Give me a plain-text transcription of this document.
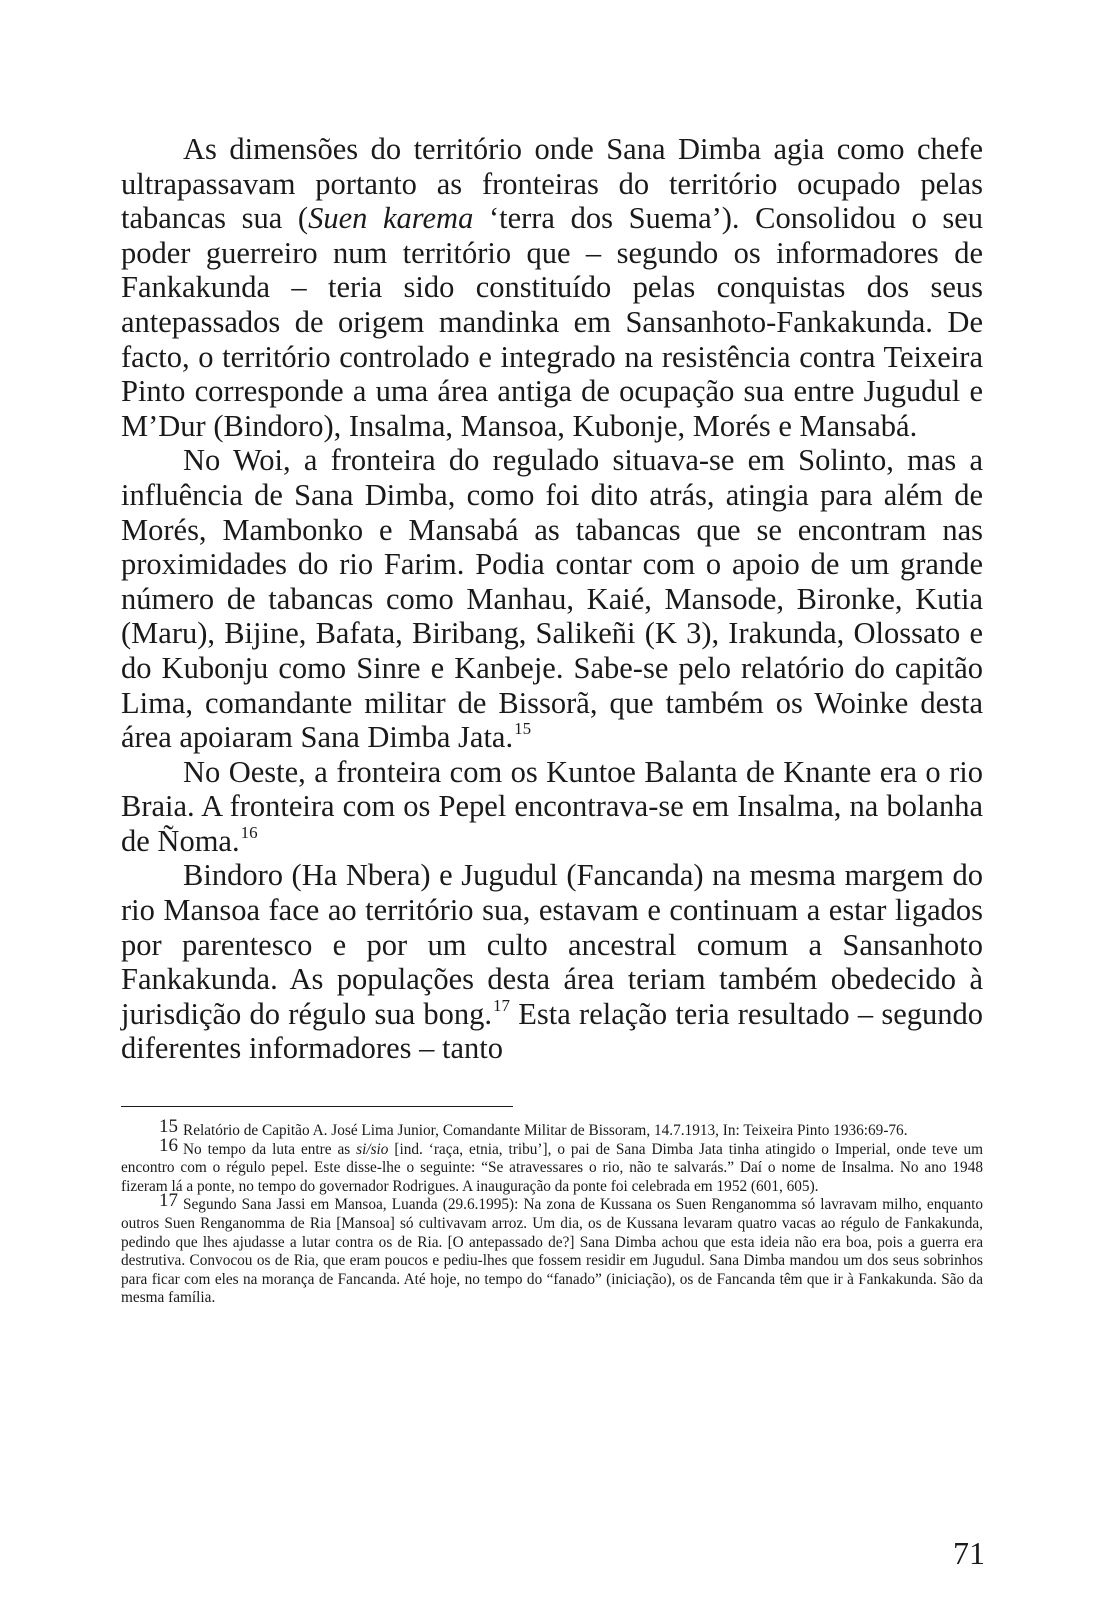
As dimensões do território onde Sana Dimba agia como chefe ultrapassavam portanto as fronteiras do território ocupado pelas tabancas sua (Suen karema ‘terra dos Suema’). Consolidou o seu poder guerreiro num território que – segundo os informadores de Fankakunda – teria sido constituído pelas conquistas dos seus antepassados de origem mandinka em Sansanhoto-Fankakunda. De facto, o território controlado e integrado na resistência contra Teixeira Pinto corresponde a uma área antiga de ocupação sua entre Jugudul e M’Dur (Bindoro), Insalma, Mansoa, Kubonje, Morés e Mansabá.

No Woi, a fronteira do regulado situava-se em Solinto, mas a influência de Sana Dimba, como foi dito atrás, atingia para além de Morés, Mambonko e Mansabá as tabancas que se encontram nas proximidades do rio Farim. Podia contar com o apoio de um grande número de tabancas como Manhau, Kaié, Mansode, Bironke, Kutia (Maru), Bijine, Bafata, Biribang, Salikeñi (K 3), Irakunda, Olossato e do Kubonju como Sinre e Kanbeje. Sabe-se pelo relatório do capitão Lima, comandante militar de Bissorã, que também os Woinke desta área apoiaram Sana Dimba Jata.$^{15}$

No Oeste, a fronteira com os Kuntoe Balanta de Knante era o rio Braia. A fronteira com os Pepel encontrava-se em Insalma, na bolanha de Ñoma.$^{16}$

Bindoro (Ha Nbera) e Jugudul (Fancanda) na mesma margem do rio Mansoa face ao território sua, estavam e continuam a estar ligados por parentesco e por um culto ancestral comum a Sansanhoto Fankakunda. As populações desta área teriam também obedecido à jurisdição do régulo sua bong.$^{17}$ Esta relação teria resultado – segundo diferentes informadores – tanto

15 Relatório de Capitão A. José Lima Junior, Comandante Militar de Bissoram, 14.7.1913, In: Teixeira Pinto 1936:69-76.

16 No tempo da luta entre as si/sio [ind. ‘raça, etnia, tribu’], o pai de Sana Dimba Jata tinha atingido o Imperial, onde teve um encontro com o régulo pepel. Este disse-lhe o seguinte: “Se atravessares o rio, não te salvarás.” Daí o nome de Insalma. No ano 1948 fizeram lá a ponte, no tempo do governador Rodrigues. A inauguração da ponte foi celebrada em 1952 (601, 605).

17 Segundo Sana Jassi em Mansoa, Luanda (29.6.1995): Na zona de Kussana os Suen Renganomma só lavravam milho, enquanto outros Suen Renganomma de Ria [Mansoa] só cultivavam arroz. Um dia, os de Kussana levaram quatro vacas ao régulo de Fankakunda, pedindo que lhes ajudasse a lutar contra os de Ria. [O antepassado de?] Sana Dimba achou que esta ideia não era boa, pois a guerra era destrutiva. Convocou os de Ria, que eram poucos e pediu-lhes que fossem residir em Jugudul. Sana Dimba mandou um dos seus sobrinhos para ficar com eles na morança de Fancanda. Até hoje, no tempo do “fanado” (iniciação), os de Fancanda têm que ir à Fankakunda. São da mesma família.

71
